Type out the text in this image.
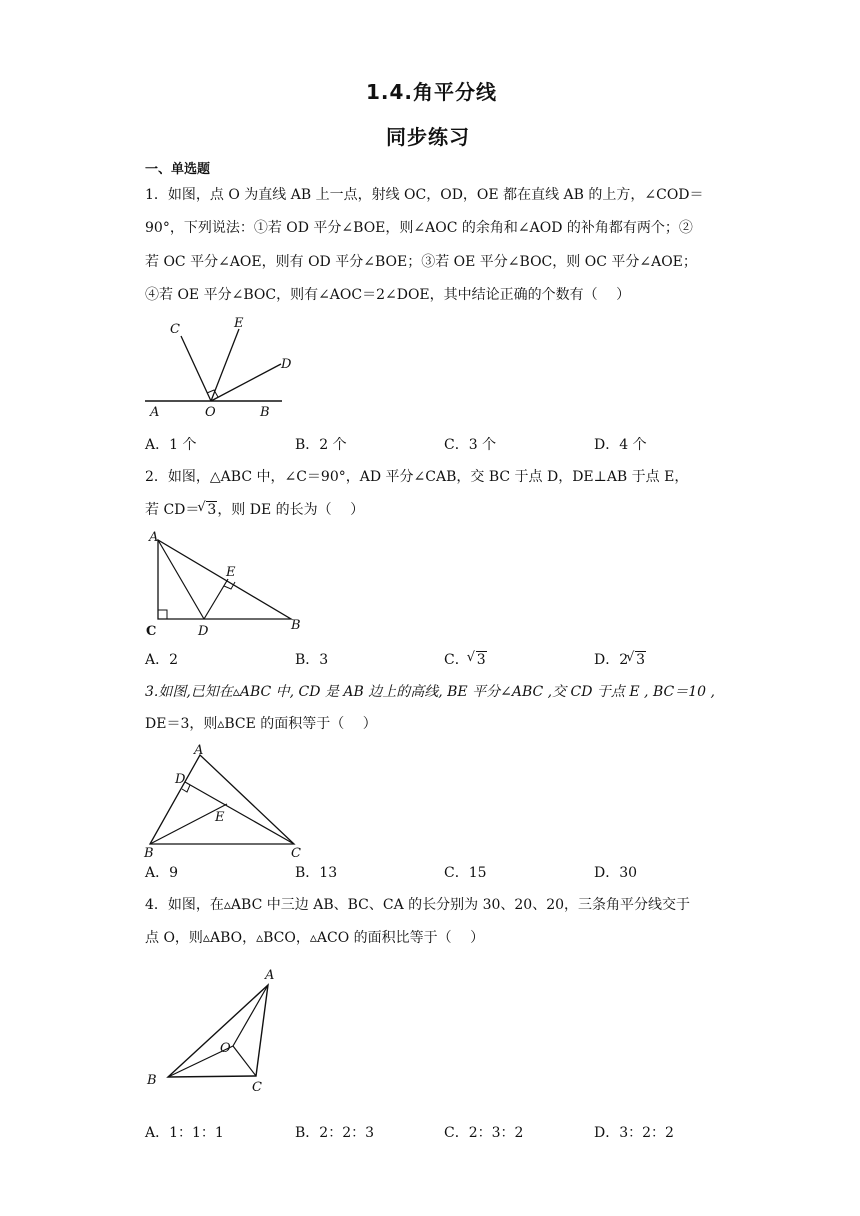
1.4.角平分线
同步练习
一、单选题
1．如图，点 O 为直线 AB 上一点，射线 OC，OD，OE 都在直线 AB 的上方，∠COD＝
90°，下列说法：①若 OD 平分∠BOE，则∠AOC 的余角和∠AOD 的补角都有两个；②
若 OC 平分∠AOE，则有 OD 平分∠BOE；③若 OE 平分∠BOC，则 OC 平分∠AOE；
④若 OE 平分∠BOC，则有∠AOC＝2∠DOE，其中结论正确的个数有（　 ）
C	E
D
A	O	B
A．1 个	B．2 个	C．3 个	D．4 个
2．如图，△ABC 中，∠C＝90°，AD 平分∠CAB，交 BC 于点 D，DE⊥AB 于点 E，
若 CD＝ √ 3，则 DE 的长为（　 ）
A
E
C	D	B
A．2	B．3	C． √ 3	D．2 √ 3
3.如图,已知在▵ABC 中, CD 是 AB 边上的高线, BE 平分∠ABC ,交 CD 于点 E , BC＝10 ,
DE＝3，则▵BCE 的面积等于（　 ）
A
D
E
B	C
A．9	B．13	C．15	D．30
4．如图，在▵ABC 中三边 AB、BC、CA 的长分别为 30、20、20，三条角平分线交于
点 O，则▵ABO，▵BCO，▵ACO 的面积比等于（　 ）
A
O
B	C
A．1：1：1	B．2：2：3	C．2：3：2	D．3：2：2
